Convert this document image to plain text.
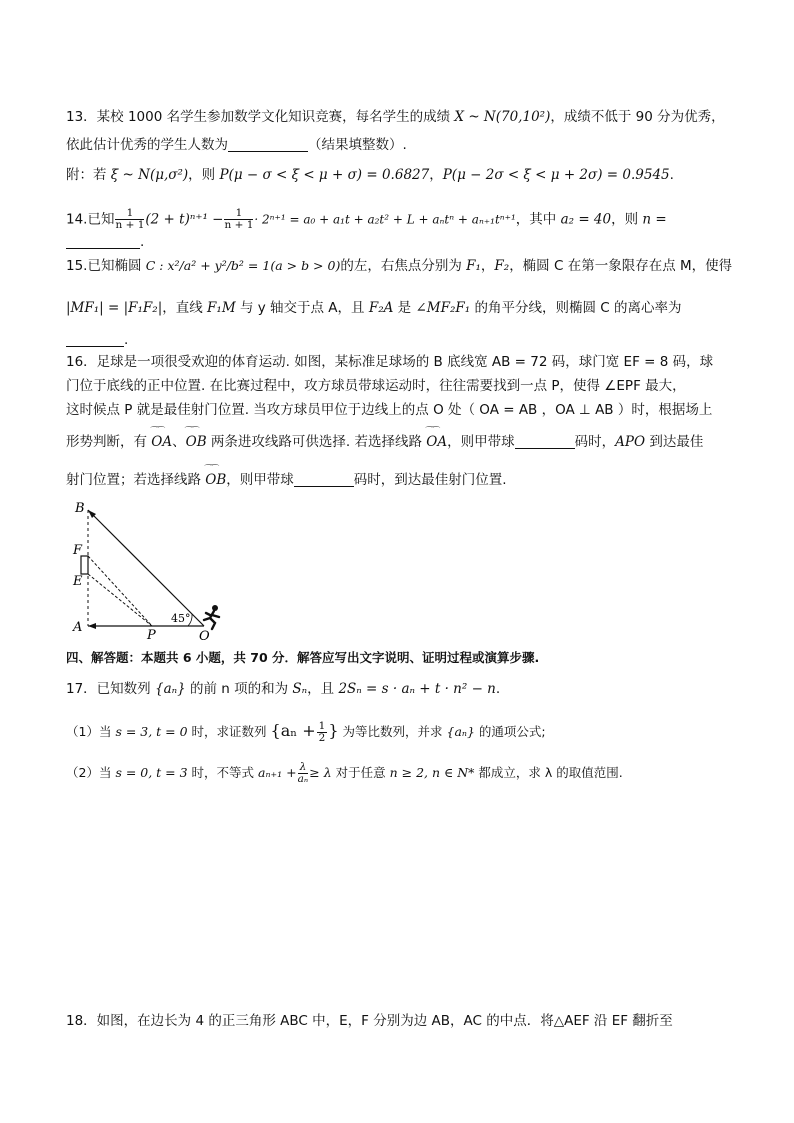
13．某校 1000 名学生参加数学文化知识竞赛，每名学生的成绩 X ~ N(70,10²)，成绩不低于 90 分为优秀，
依此估计优秀的学生人数为	（结果填整数）.
附：若 ξ ~ N(μ,σ²)，则 P(μ − σ < ξ < μ + σ) = 0.6827，P(μ − 2σ < ξ < μ + 2σ) = 0.9545.
14.已知 $\frac{1}{n + 1} (2 + t)^{n+1} - \frac{1}{n + 1} \cdot 2^{n+1} = a_0 + a_1t + a_2t^2 + L + a_nt^n + a_{n+1}t^{n+1}$，其中 a₂ = 40，则 n =.
15.已知椭圆 C : x²/a² + y²/b² = 1(a > b > 0)的左，右焦点分别为 F₁，F₂，椭圆 C 在第一象限存在点 M，使得
|MF₁| = |F₁F₂|，直线 F₁M 与 y 轴交于点 A，且 F₂A 是 ∠MF₂F₁ 的角平分线，则椭圆 C 的离心率为
.
16．足球是一项很受欢迎的体育运动. 如图，某标准足球场的 B 底线宽 AB = 72 码，球门宽 EF = 8 码，球
门位于底线的正中位置. 在比赛过程中，攻方球员带球运动时，往往需要找到一点 P，使得 ∠EPF 最大，
这时候点 P 就是最佳射门位置. 当攻方球员甲位于边线上的点 O 处（ OA = AB ，OA ⊥ AB ）时，根据场上
形势判断，有 ⌒⌒ OA、⌒⌒ OB 两条进攻线路可供选择. 若选择线路 ⌒⌒ OA，则甲带球	码时，APO 到达最佳
射门位置；若选择线路 ⌒⌒ OB，则甲带球	码时，到达最佳射门位置.
B
F
E
A
P	O
45°
四、解答题：本题共 6 小题，共 70 分．解答应写出文字说明、证明过程或演算步骤.
17．已知数列 {aₙ} 的前 n 项的和为 Sₙ，且 2Sₙ = s · aₙ + t · n² − n.
（1）当 s = 3, t = 0 时，求证数列 {$a_n + \frac{1}{2}$ } 为等比数列，并求 {aₙ} 的通项公式;
（2）当 s = 0, t = 3 时，不等式 $a_{n+1} + \frac{\lambda}{\text{aₙ}} \ge \lambda$ 对于任意 n ≥ 2, n ∈ N* 都成立，求 λ 的取值范围.
18．如图，在边长为 4 的正三角形 ABC 中，E，F 分别为边 AB，AC 的中点．将△AEF 沿 EF 翻折至
